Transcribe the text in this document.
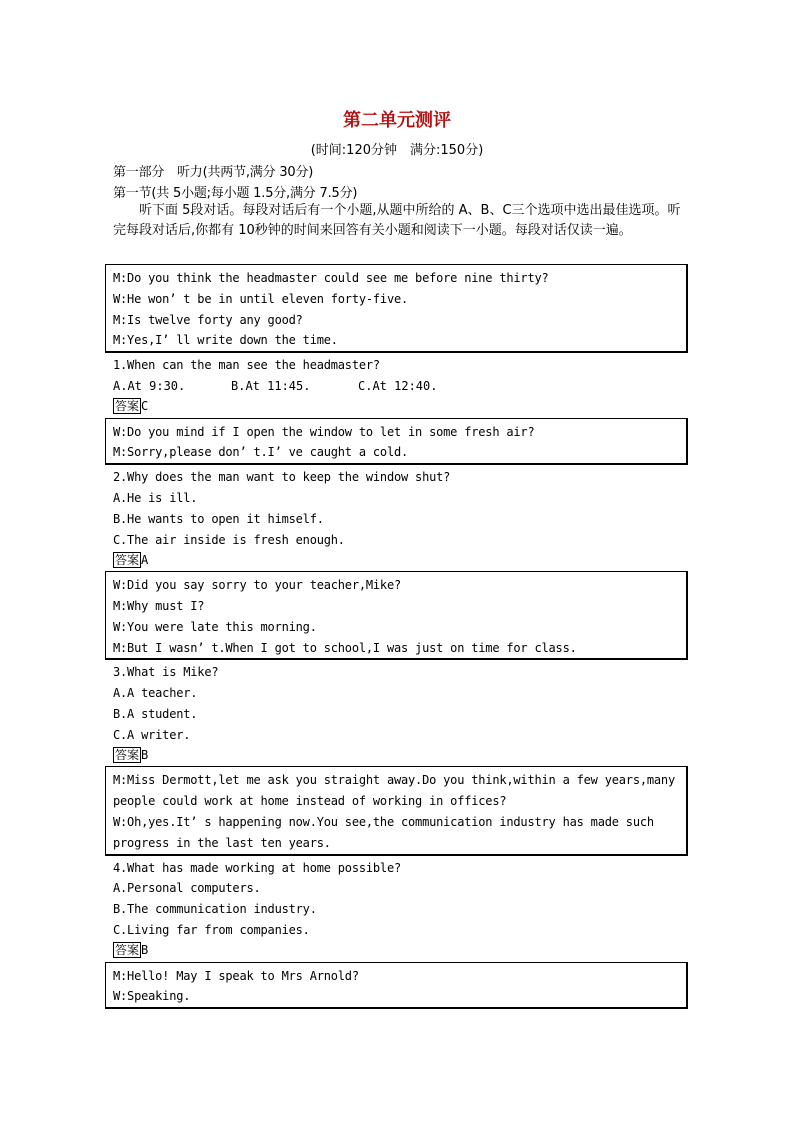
第二单元测评
(时间:120分钟　满分:150分)
第一部分　听力(共两节,满分 30分)
第一节(共 5小题;每小题 1.5分,满分 7.5分)
听下面 5段对话。每段对话后有一个小题,从题中所给的 A、B、C三个选项中选出最佳选项。听完每段对话后,你都有 10秒钟的时间来回答有关小题和阅读下一小题。每段对话仅读一遍。
M:Do you think the headmaster could see me before nine thirty?
W:He won’ t be in until eleven forty-five.
M:Is twelve forty any good?
M:Yes,I’ ll write down the time.
1.When can the man see the headmaster?
A.At 9:30.	B.At 11:45.	C.At 12:40.
答案 C
W:Do you mind if I open the window to let in some fresh air?
M:Sorry,please don’ t.I’ ve caught a cold.
2.Why does the man want to keep the window shut?
A.He is ill.
B.He wants to open it himself.
C.The air inside is fresh enough.
答案 A
W:Did you say sorry to your teacher,Mike?
M:Why must I?
W:You were late this morning.
M:But I wasn’ t.When I got to school,I was just on time for class.
3.What is Mike?
A.A teacher.
B.A student.
C.A writer.
答案 B
M:Miss Dermott,let me ask you straight away.Do you think,within a few years,many
people could work at home instead of working in offices?
W:Oh,yes.It’ s happening now.You see,the communication industry has made such
progress in the last ten years.
4.What has made working at home possible?
A.Personal computers.
B.The communication industry.
C.Living far from companies.
答案 B
M:Hello! May I speak to Mrs Arnold?
W:Speaking.
